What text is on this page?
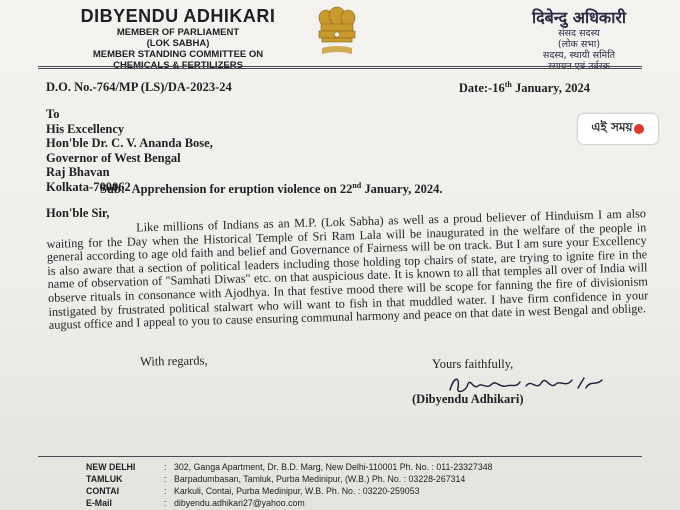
DIBYENDU ADHIKARI
MEMBER OF PARLIAMENT
(LOK SABHA)
MEMBER STANDING COMMITTEE ON
दिबेन्दु अधिकारी
संसद सदस्य
(लोक सभा)
सदस्य, स्थायी समिति
D.O. No.-764/MP (LS)/DA-2023-24	Date:-16th January, 2024
To
His Excellency
Hon'ble Dr. C. V. Ananda Bose,
Governor of West Bengal
Raj Bhavan
Kolkata-700062
এই সময়
Sub:- Apprehension for eruption violence on 22nd January, 2024.
Hon'ble Sir,	Like millions of Indians as an M.P. (Lok Sabha) as well as a proud believer of Hinduism I am also waiting for the Day when the Historical Temple of Sri Ram Lala will be inaugurated in the welfare of the people in general according to age old faith and belief and Governance of Fairness will be on track. But I am sure your Excellency is also aware that a section of political leaders including those holding top chairs of state, are trying to ignite fire in the name of observation of "Samhati Diwas" etc. on that auspicious date. It is known to all that temples all over of India will observe rituals in consonance with Ajodhya. In that festive mood there will be scope for fanning the fire of divisionism instigated by frustrated political stalwart who will want to fish in that muddled water. I have firm confidence in your august office and I appeal to you to cause ensuring communal harmony and peace on that date in west Bengal and oblige.
With regards,	Yours faithfully,
(Dibyendu Adhikari)
NEW DELHI	: 302, Ganga Apartment, Dr. B.D. Marg, New Delhi-110001 Ph. No. : 011-23327348
TAMLUK	: Barpadumbasan, Tamluk, Purba Medinipur, (W.B.) Ph. No. : 03228-267314
CONTAI	: Karkuli, Contai, Purba Medinipur, W.B. Ph. No. : 03220-259053
E-Mail	: dibyendu.adhikari27@yahoo.com
